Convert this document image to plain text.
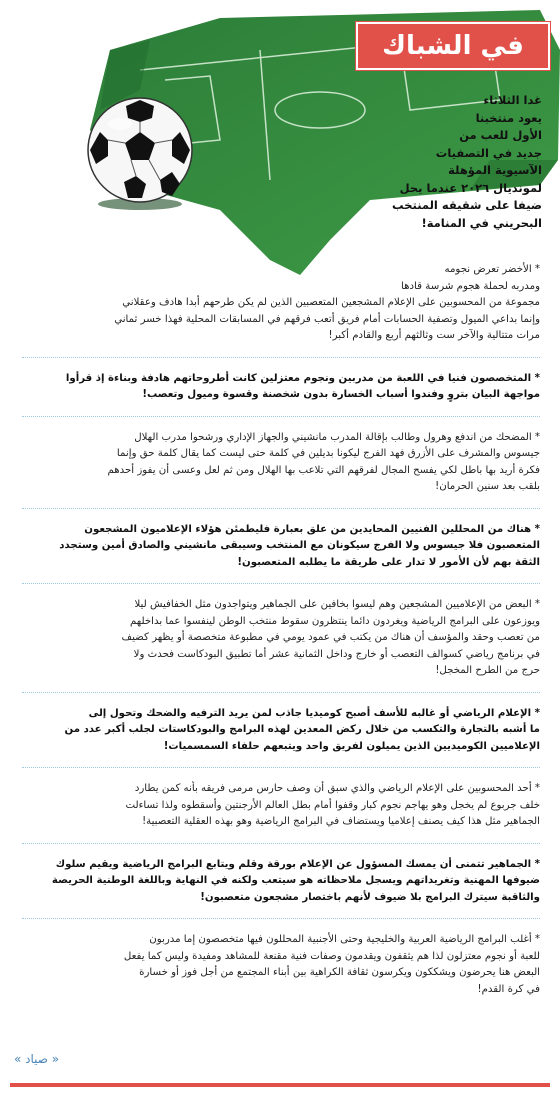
في الشباك
غدا الثلاثاء
يعود منتخبنا
الأول للعب من
جديد في التصفيات
الآسيوية المؤهلة
لمونديال ٢٠٢٦ عندما يحل
ضيفا على شقيقه المنتخب
البحريني في المنامة!

* الأخضر تعرض نجومه
ومدربه لحملة هجوم شرسة قادها
مجموعة من المحسوبين على الإعلام المشجعين المتعصبين الذين لم يكن طرحهم أبدا هادف وعقلاني
وإنما بداعي الميول وتصفية الحسابات أمام فريق أتعب فرقهم في المسابقات المحلية فهذا خسر ثماني
مرات متتالية والآخر ست وثالثهم أربع والقادم أكبر!

* المتخصصون فنيا في اللعبة من مدربين ونجوم معتزلين كانت أطروحاتهم هادفة وبناءة إذ قرأوا
مواجهة البيان بتروٍ وفندوا أسباب الخسارة بدون شخصنة وقسوة وميول وتعصب!

* المضحك من اندفع وهرول وطالب بإقالة المدرب مانشيني والجهاز الإداري ورشحوا مدرب الهلال
جيسوس والمشرف على الأزرق فهد الفرج ليكونا بديلين في كلمة حتى ليست كما يقال كلمة حق وإنما
فكرة أريد بها باطل لكي يفسح المجال لفرقهم التي تلاعب بها الهلال ومن ثم لعل وعسى أن يفوز أحدهم
بلقب بعد سنين الحرمان!

* هناك من المحللين الفنيين المحايدين من علق بعبارة فليطمئن هؤلاء الإعلاميون المشجعون
المتعصبون فلا جيسوس ولا الفرج سيكونان مع المنتخب وسيبقى مانشيني والصادق أمين وستجدد
الثقة بهم لأن الأمور لا تدار على طريقة ما يطلبه المتعصبون!

* البعض من الإعلاميين المشجعين وهم ليسوا بخافين على الجماهير ويتواجدون مثل الخفافيش ليلا
ويوزعون على البرامج الرياضية ويغردون دائما ينتظرون سقوط منتخب الوطن لينفسوا عما بداخلهم
من تعصب وحقد والمؤسف أن هناك من يكتب في عمود يومي في مطبوعة متخصصة أو يظهر كضيف
في برنامج رياضي كسوالف التعصب أو خارج وداخل الثمانية عشر أما تطبيق البودكاست فحدث ولا
حرج من الطرح المخجل!

* الإعلام الرياضي أو غالبه للأسف أصبح كوميديا جاذب لمن يريد الترفيه والضحك وتحول إلى
ما أشبه بالتجارة والتكسب من خلال ركض المعدين لهذه البرامج والبودكاستات لجلب أكبر عدد من
الإعلاميين الكوميديين الذين يميلون لفريق واحد ويتبعهم حلفاء السمسميات!

* أحد المحسوبين على الإعلام الرياضي والذي سبق أن وصف حارس مرمى فريقه بأنه كمن يطارد
خلف جربوع لم يخجل وهو يهاجم نجوم كبار وقفوا أمام بطل العالم الأرجنتين وأسقطوه ولذا تساءلت
الجماهير مثل هذا كيف يصنف إعلاميا ويستضاف في البرامج الرياضية وهو بهذه العقلية التعصبية!

* الجماهير تتمنى أن يمسك المسؤول عن الإعلام بورقة وقلم ويتابع البرامج الرياضية ويقيم سلوك
ضيوفها المهنية وتغريداتهم ويسجل ملاحظاته هو سيتعب ولكنه في النهاية وباللغة الوطنية الحريصة
والثاقبة سيترك البرامج بلا ضيوف لأنهم باختصار مشجعون متعصبون!

* أغلب البرامج الرياضية العربية والخليجية وحتى الأجنبية المحللون فيها متخصصون إما مدربون
للعبة أو نجوم معتزلون لذا هم يثقفون ويقدمون وصفات فنية مقنعة للمشاهد ومفيدة وليس كما يفعل
البعض هنا يحرضون ويشككون ويكرسون ثقافة الكراهية بين أبناء المجتمع من أجل فوز أو خسارة
في كرة القدم!

« صياد »
